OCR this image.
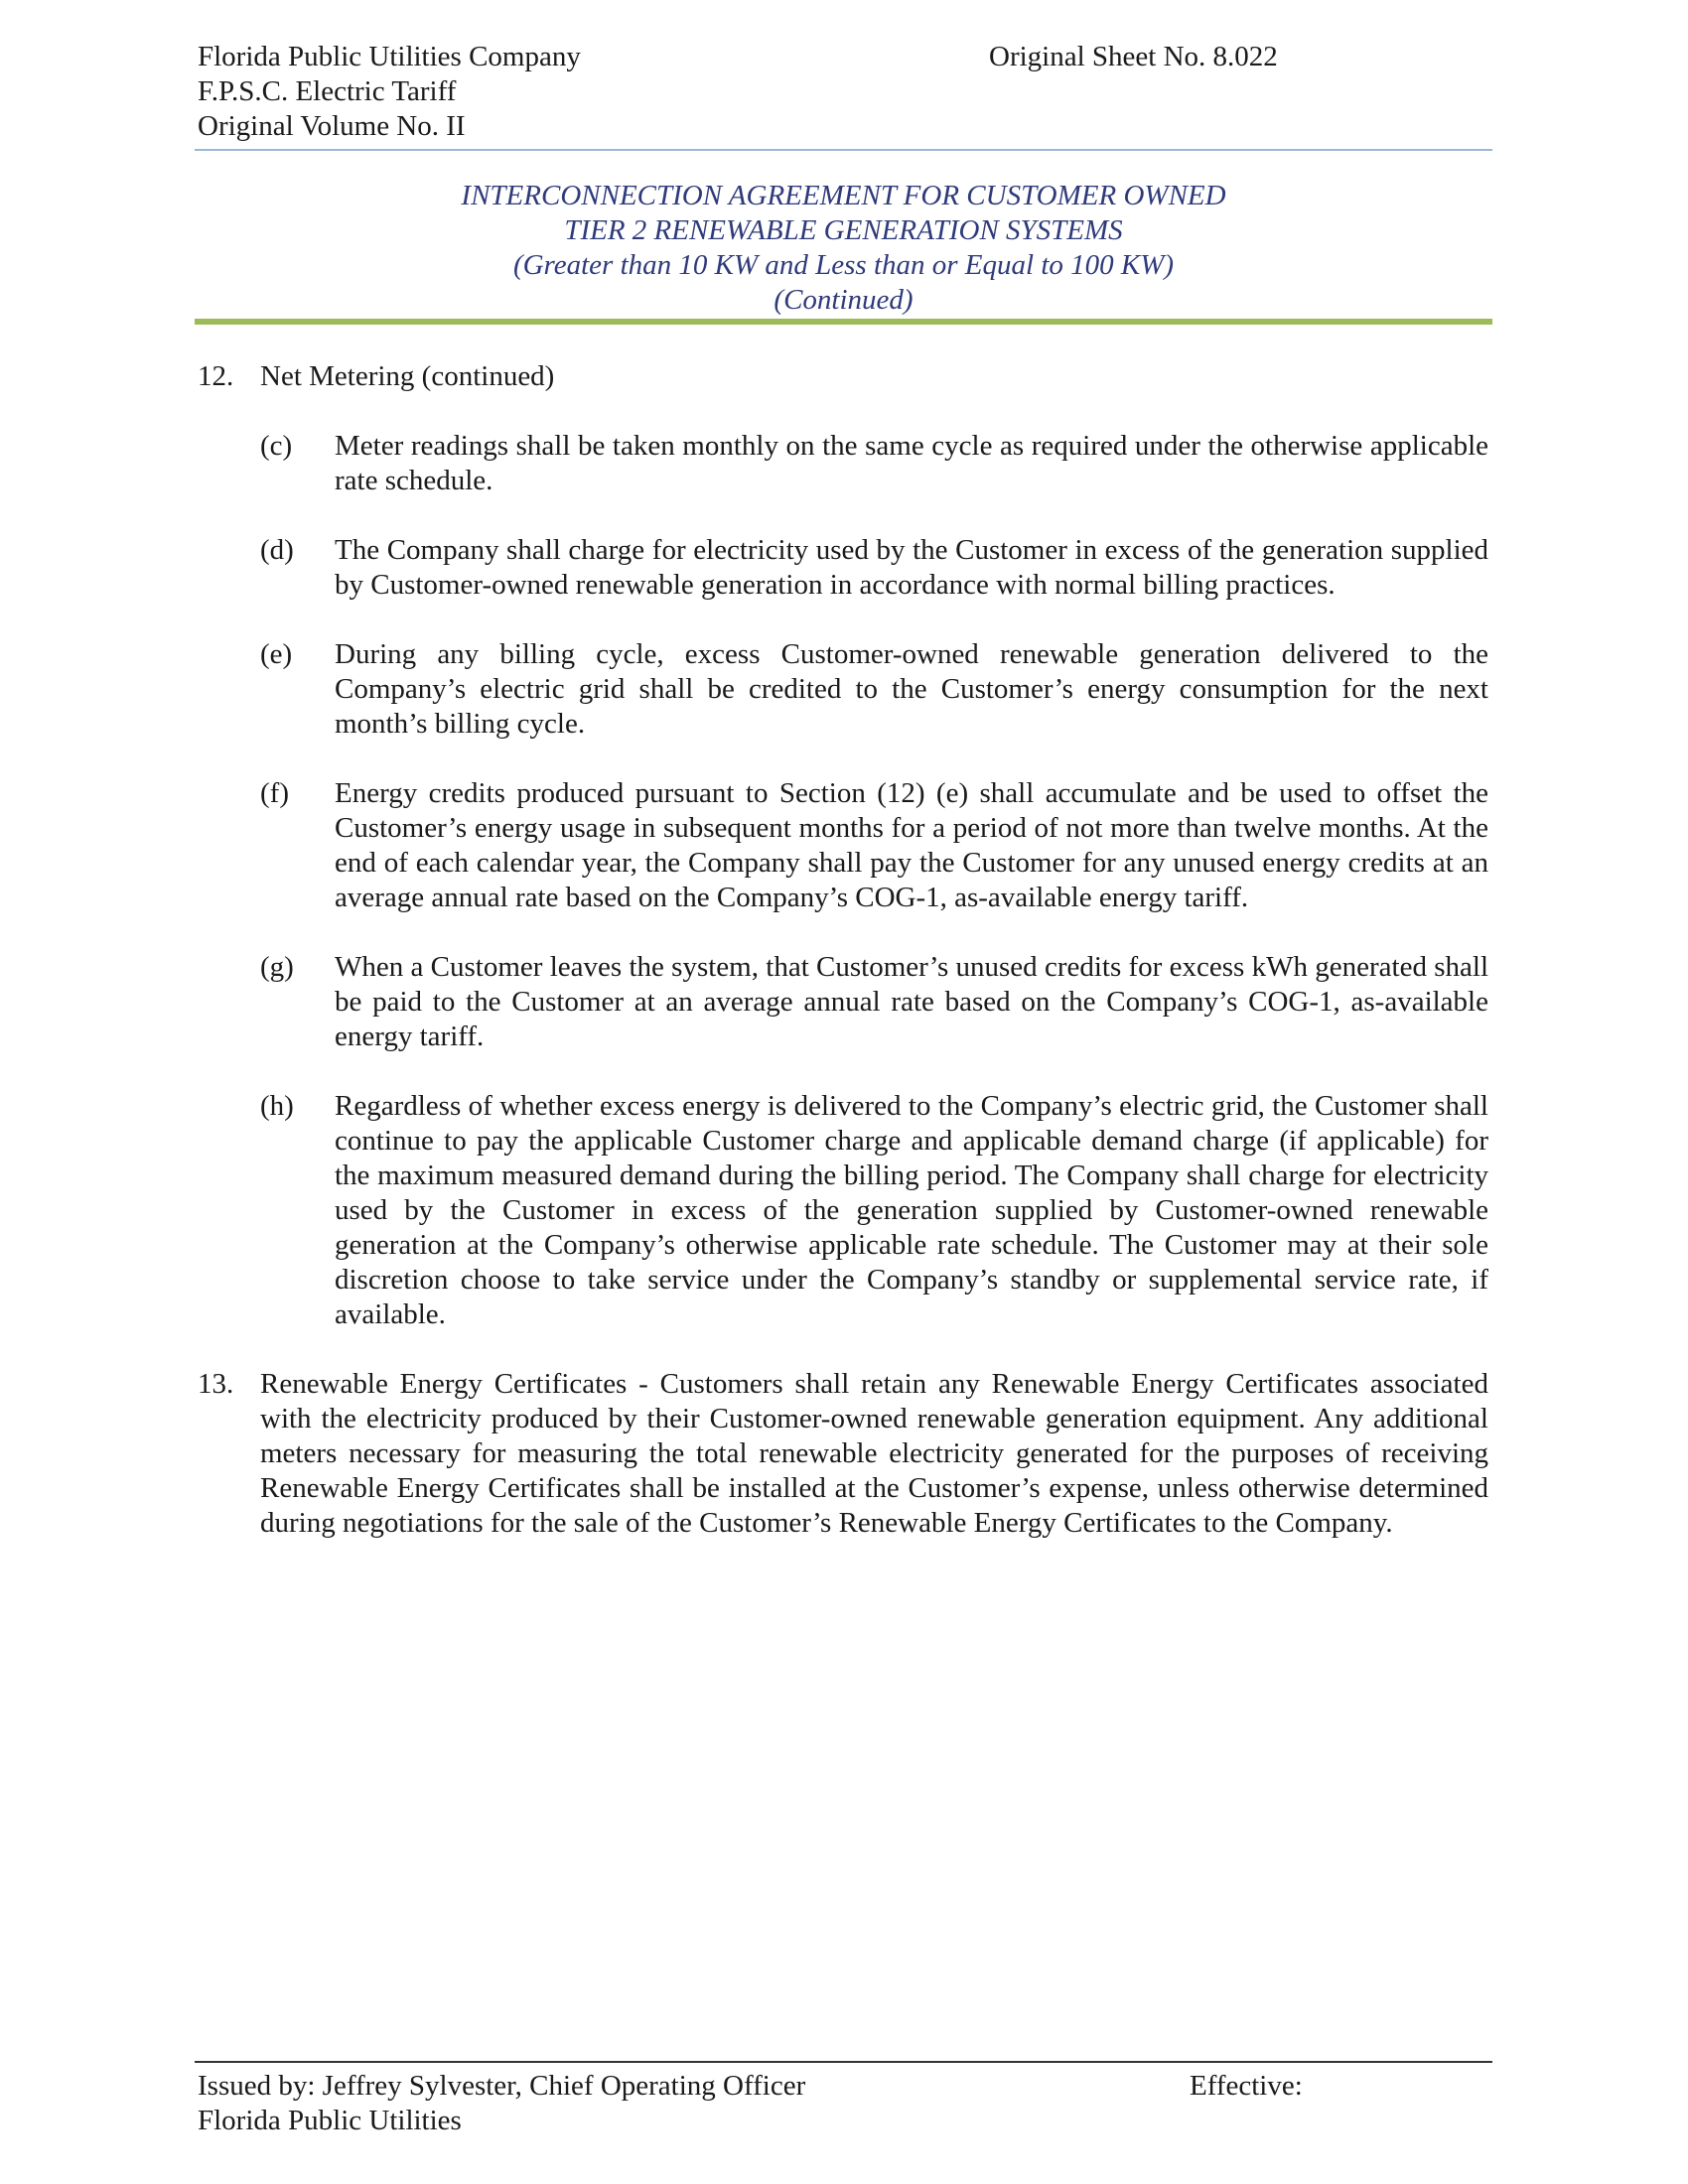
Florida Public Utilities Company
F.P.S.C. Electric Tariff
Original Volume No. II
Original Sheet No. 8.022
INTERCONNECTION AGREEMENT FOR CUSTOMER OWNED
TIER 2 RENEWABLE GENERATION SYSTEMS
(Greater than 10 KW and Less than or Equal to 100 KW)
(Continued)
12. Net Metering (continued)
(c)	Meter readings shall be taken monthly on the same cycle as required under the otherwise applicable rate schedule.
(d)	The Company shall charge for electricity used by the Customer in excess of the generation supplied by Customer-owned renewable generation in accordance with normal billing practices.
(e)	During any billing cycle, excess Customer-owned renewable generation delivered to the Company’s electric grid shall be credited to the Customer’s energy consumption for the next month’s billing cycle.
(f)	Energy credits produced pursuant to Section (12) (e) shall accumulate and be used to offset the Customer’s energy usage in subsequent months for a period of not more than twelve months. At the end of each calendar year, the Company shall pay the Customer for any unused energy credits at an average annual rate based on the Company’s COG-1, as-available energy tariff.
(g)	When a Customer leaves the system, that Customer’s unused credits for excess kWh generated shall be paid to the Customer at an average annual rate based on the Company’s COG-1, as-available energy tariff.
(h)	Regardless of whether excess energy is delivered to the Company’s electric grid, the Customer shall continue to pay the applicable Customer charge and applicable demand charge (if applicable) for the maximum measured demand during the billing period. The Company shall charge for electricity used by the Customer in excess of the generation supplied by Customer-owned renewable generation at the Company’s otherwise applicable rate schedule. The Customer may at their sole discretion choose to take service under the Company’s standby or supplemental service rate, if available.
13. Renewable Energy Certificates - Customers shall retain any Renewable Energy Certificates associated with the electricity produced by their Customer-owned renewable generation equipment. Any additional meters necessary for measuring the total renewable electricity generated for the purposes of receiving Renewable Energy Certificates shall be installed at the Customer’s expense, unless otherwise determined during negotiations for the sale of the Customer’s Renewable Energy Certificates to the Company.
Issued by: Jeffrey Sylvester, Chief Operating Officer
Florida Public Utilities
Effective:
